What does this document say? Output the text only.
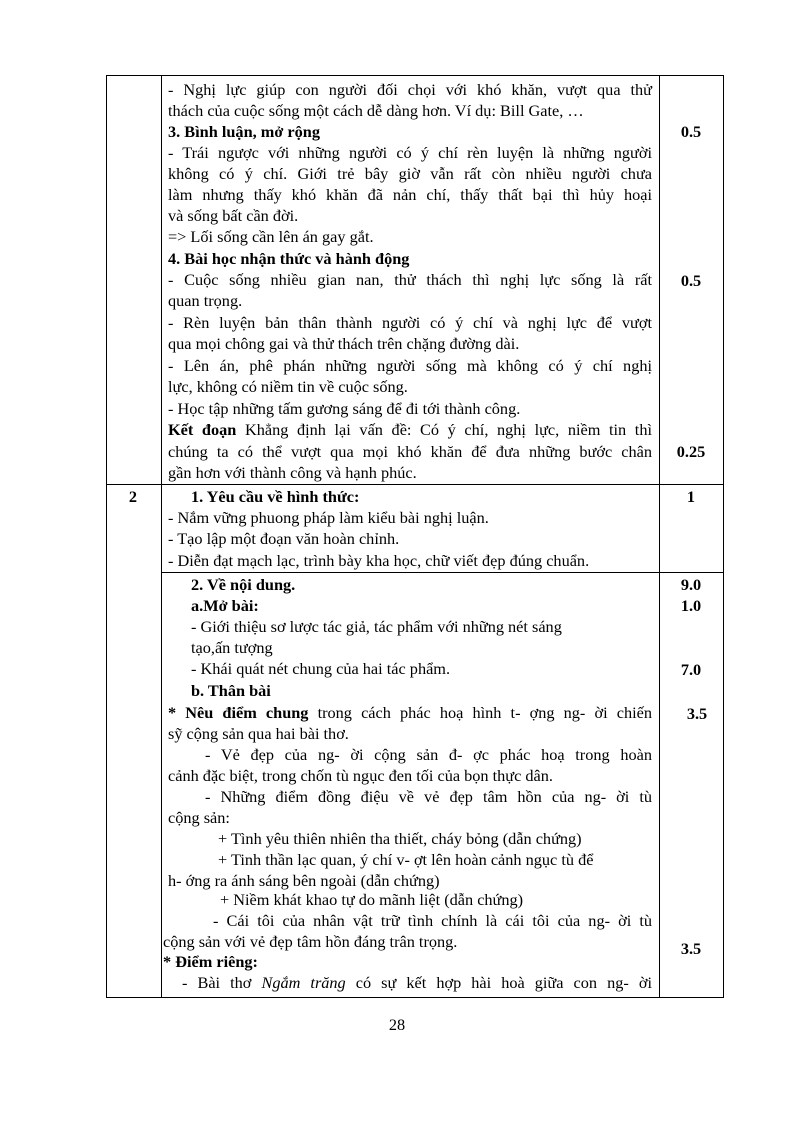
- Nghị lực giúp con người đối chọi với khó khăn, vượt qua thử
thách của cuộc sống một cách dễ dàng hơn. Ví dụ: Bill Gate, …
3. Bình luận, mở rộng
- Trái ngược với những người có ý chí rèn luyện là những người
không có ý chí. Giới trẻ bây giờ vẫn rất còn nhiều người chưa
làm nhưng thấy khó khăn đã nản chí, thấy thất bại thì hủy hoại
và sống bất cần đời.
=> Lối sống cần lên án gay gắt.
4. Bài học nhận thức và hành động
- Cuộc sống nhiều gian nan, thử thách thì nghị lực sống là rất
quan trọng.
- Rèn luyện bản thân thành người có ý chí và nghị lực để vượt
qua mọi chông gai và thử thách trên chặng đường dài.
- Lên án, phê phán những người sống mà không có ý chí nghị
lực, không có niềm tin về cuộc sống.
- Học tập những tấm gương sáng để đi tới thành công.
Kết đoạn Khẳng định lại vấn đề: Có ý chí, nghị lực, niềm tin thì
chúng ta có thể vượt qua mọi khó khăn để đưa những bước chân
gần hơn với thành công và hạnh phúc.
0.5
0.5
0.25
2	1. Yêu cầu về hình thức:
- Nắm vững phuong pháp làm kiểu bài nghị luận.
- Tạo lập một đoạn văn hoàn chỉnh.
- Diễn đạt mạch lạc, trình bày kha học, chữ viết đẹp đúng chuẩn.
1
2. Về nội dung.
a.Mở bài:
- Giới thiệu sơ lược tác giả, tác phẩm với những nét sáng
tạo,ấn tượng
- Khái quát nét chung của hai tác phẩm.
b. Thân bài
* Nêu điểm chung trong cách phác hoạ hình t- ợng ng- ời chiến
sỹ cộng sản qua hai bài thơ.
- Vẻ đẹp của ng- ời cộng sản đ- ợc phác hoạ trong hoàn
cảnh đặc biệt, trong chốn tù ngục đen tối của bọn thực dân.
- Những điểm đồng điệu về vẻ đẹp tâm hồn của ng- ời tù
cộng sản:
+ Tình yêu thiên nhiên tha thiết, cháy bỏng (dẫn chứng)
+ Tinh thần lạc quan, ý chí v- ợt lên hoàn cảnh ngục tù để
h- ớng ra ánh sáng bên ngoài (dẫn chứng)
+ Niềm khát khao tự do mãnh liệt (dẫn chứng)
- Cái tôi của nhân vật trữ tình chính là cái tôi của ng- ời tù
cộng sản với vẻ đẹp tâm hồn đáng trân trọng.
* Điểm riêng:
- Bài thơ Ngắm trăng có sự kết hợp hài hoà giữa con ng- ời
9.0
1.0
7.0
3.5
3.5
28
